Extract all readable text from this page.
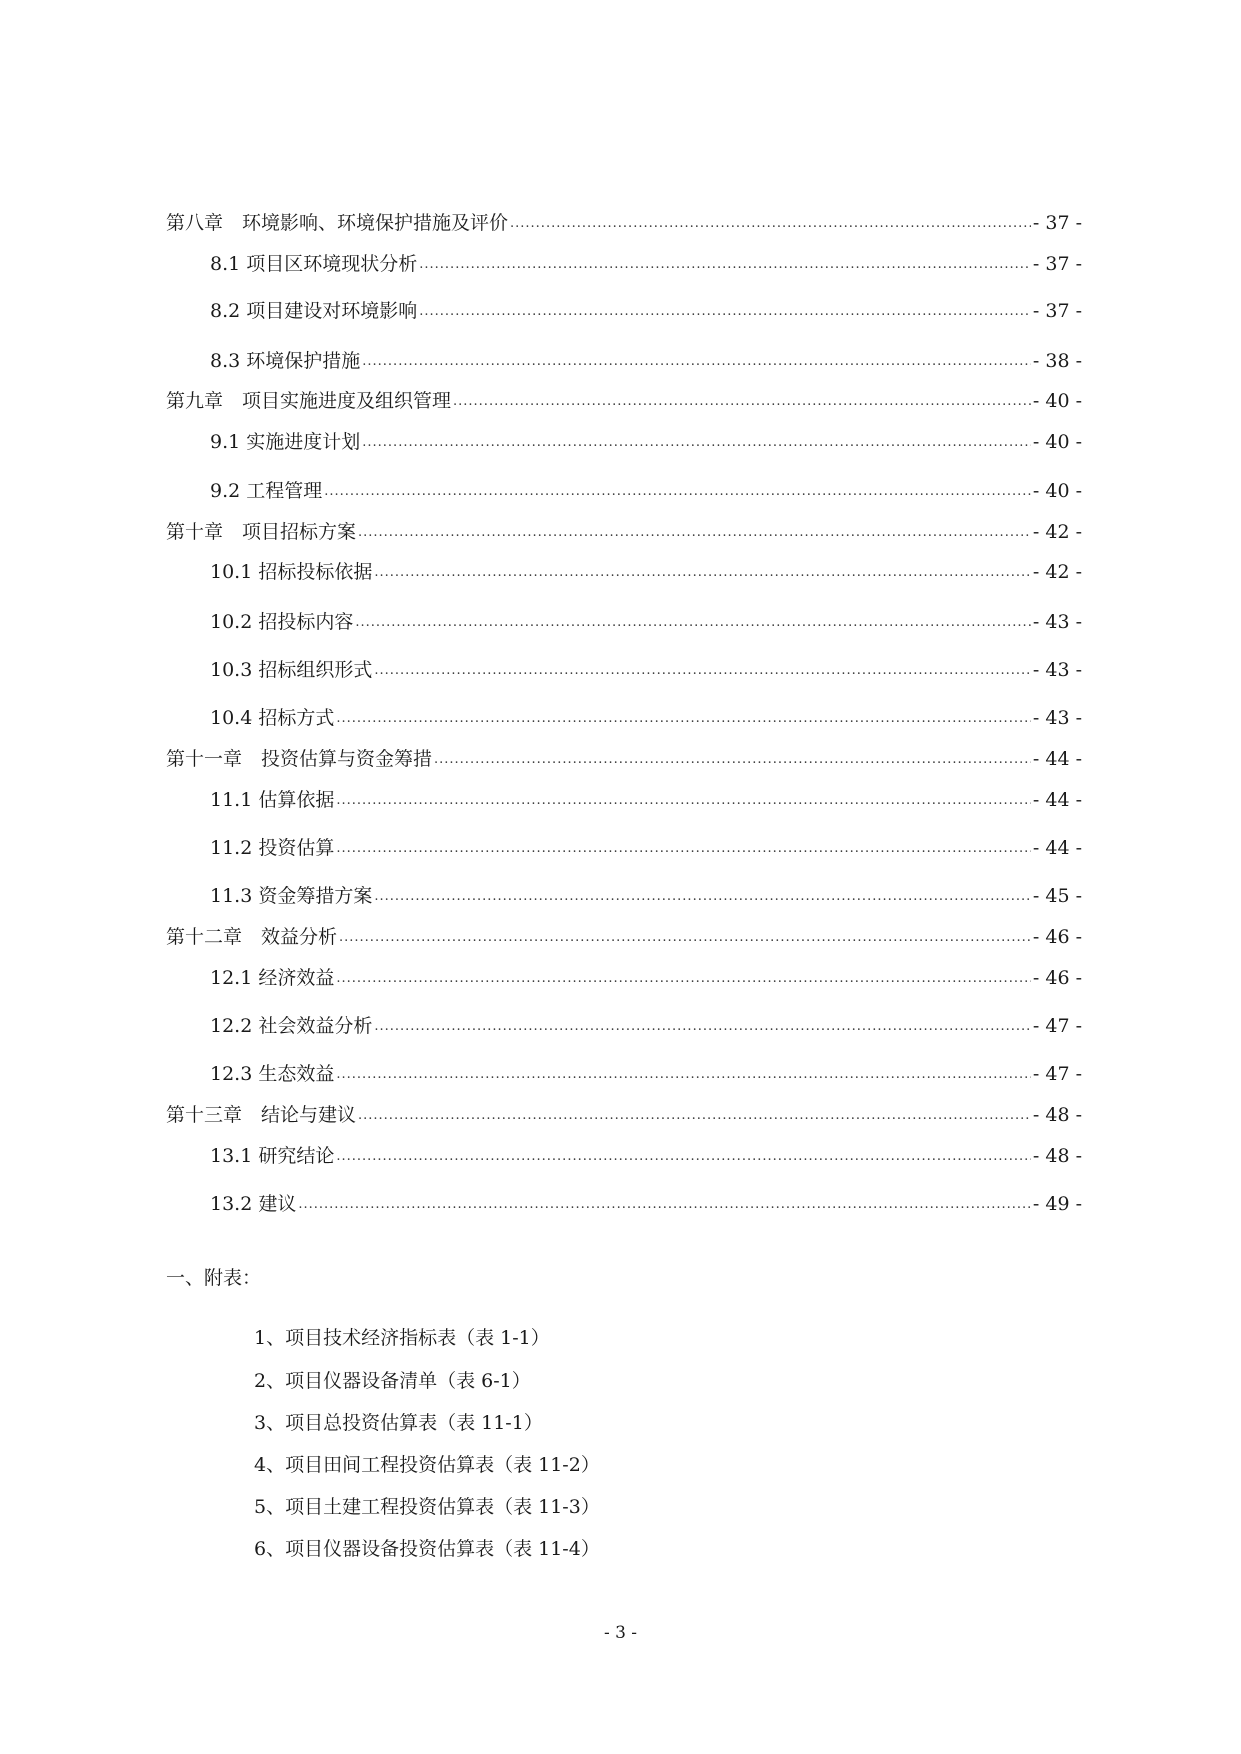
第八章　环境影响、环境保护措施及评价 .....	- 37 -
8.1 项目区环境现状分析 .....	- 37 -
8.2 项目建设对环境影响 .....	- 37 -
8.3 环境保护措施 .....	- 38 -
第九章　项目实施进度及组织管理 .....	- 40 -
9.1 实施进度计划 .....	- 40 -
9.2 工程管理 .....	- 40 -
第十章　项目招标方案 .....	- 42 -
10.1 招标投标依据 .....	- 42 -
10.2 招投标内容 .....	- 43 -
10.3 招标组织形式 .....	- 43 -
10.4 招标方式 .....	- 43 -
第十一章　投资估算与资金筹措 .....	- 44 -
11.1 估算依据 .....	- 44 -
11.2 投资估算 .....	- 44 -
11.3 资金筹措方案 .....	- 45 -
第十二章　效益分析 .....	- 46 -
12.1 经济效益 .....	- 46 -
12.2 社会效益分析 .....	- 47 -
12.3 生态效益 .....	- 47 -
第十三章　结论与建议 .....	- 48 -
13.1 研究结论 .....	- 48 -
13.2 建议 .....	- 49 -
一、附表：
1、项目技术经济指标表（表 1-1）
2、项目仪器设备清单（表 6-1）
3、项目总投资估算表（表 11-1）
4、项目田间工程投资估算表（表 11-2）
5、项目土建工程投资估算表（表 11-3）
6、项目仪器设备投资估算表（表 11-4）
- 3 -
